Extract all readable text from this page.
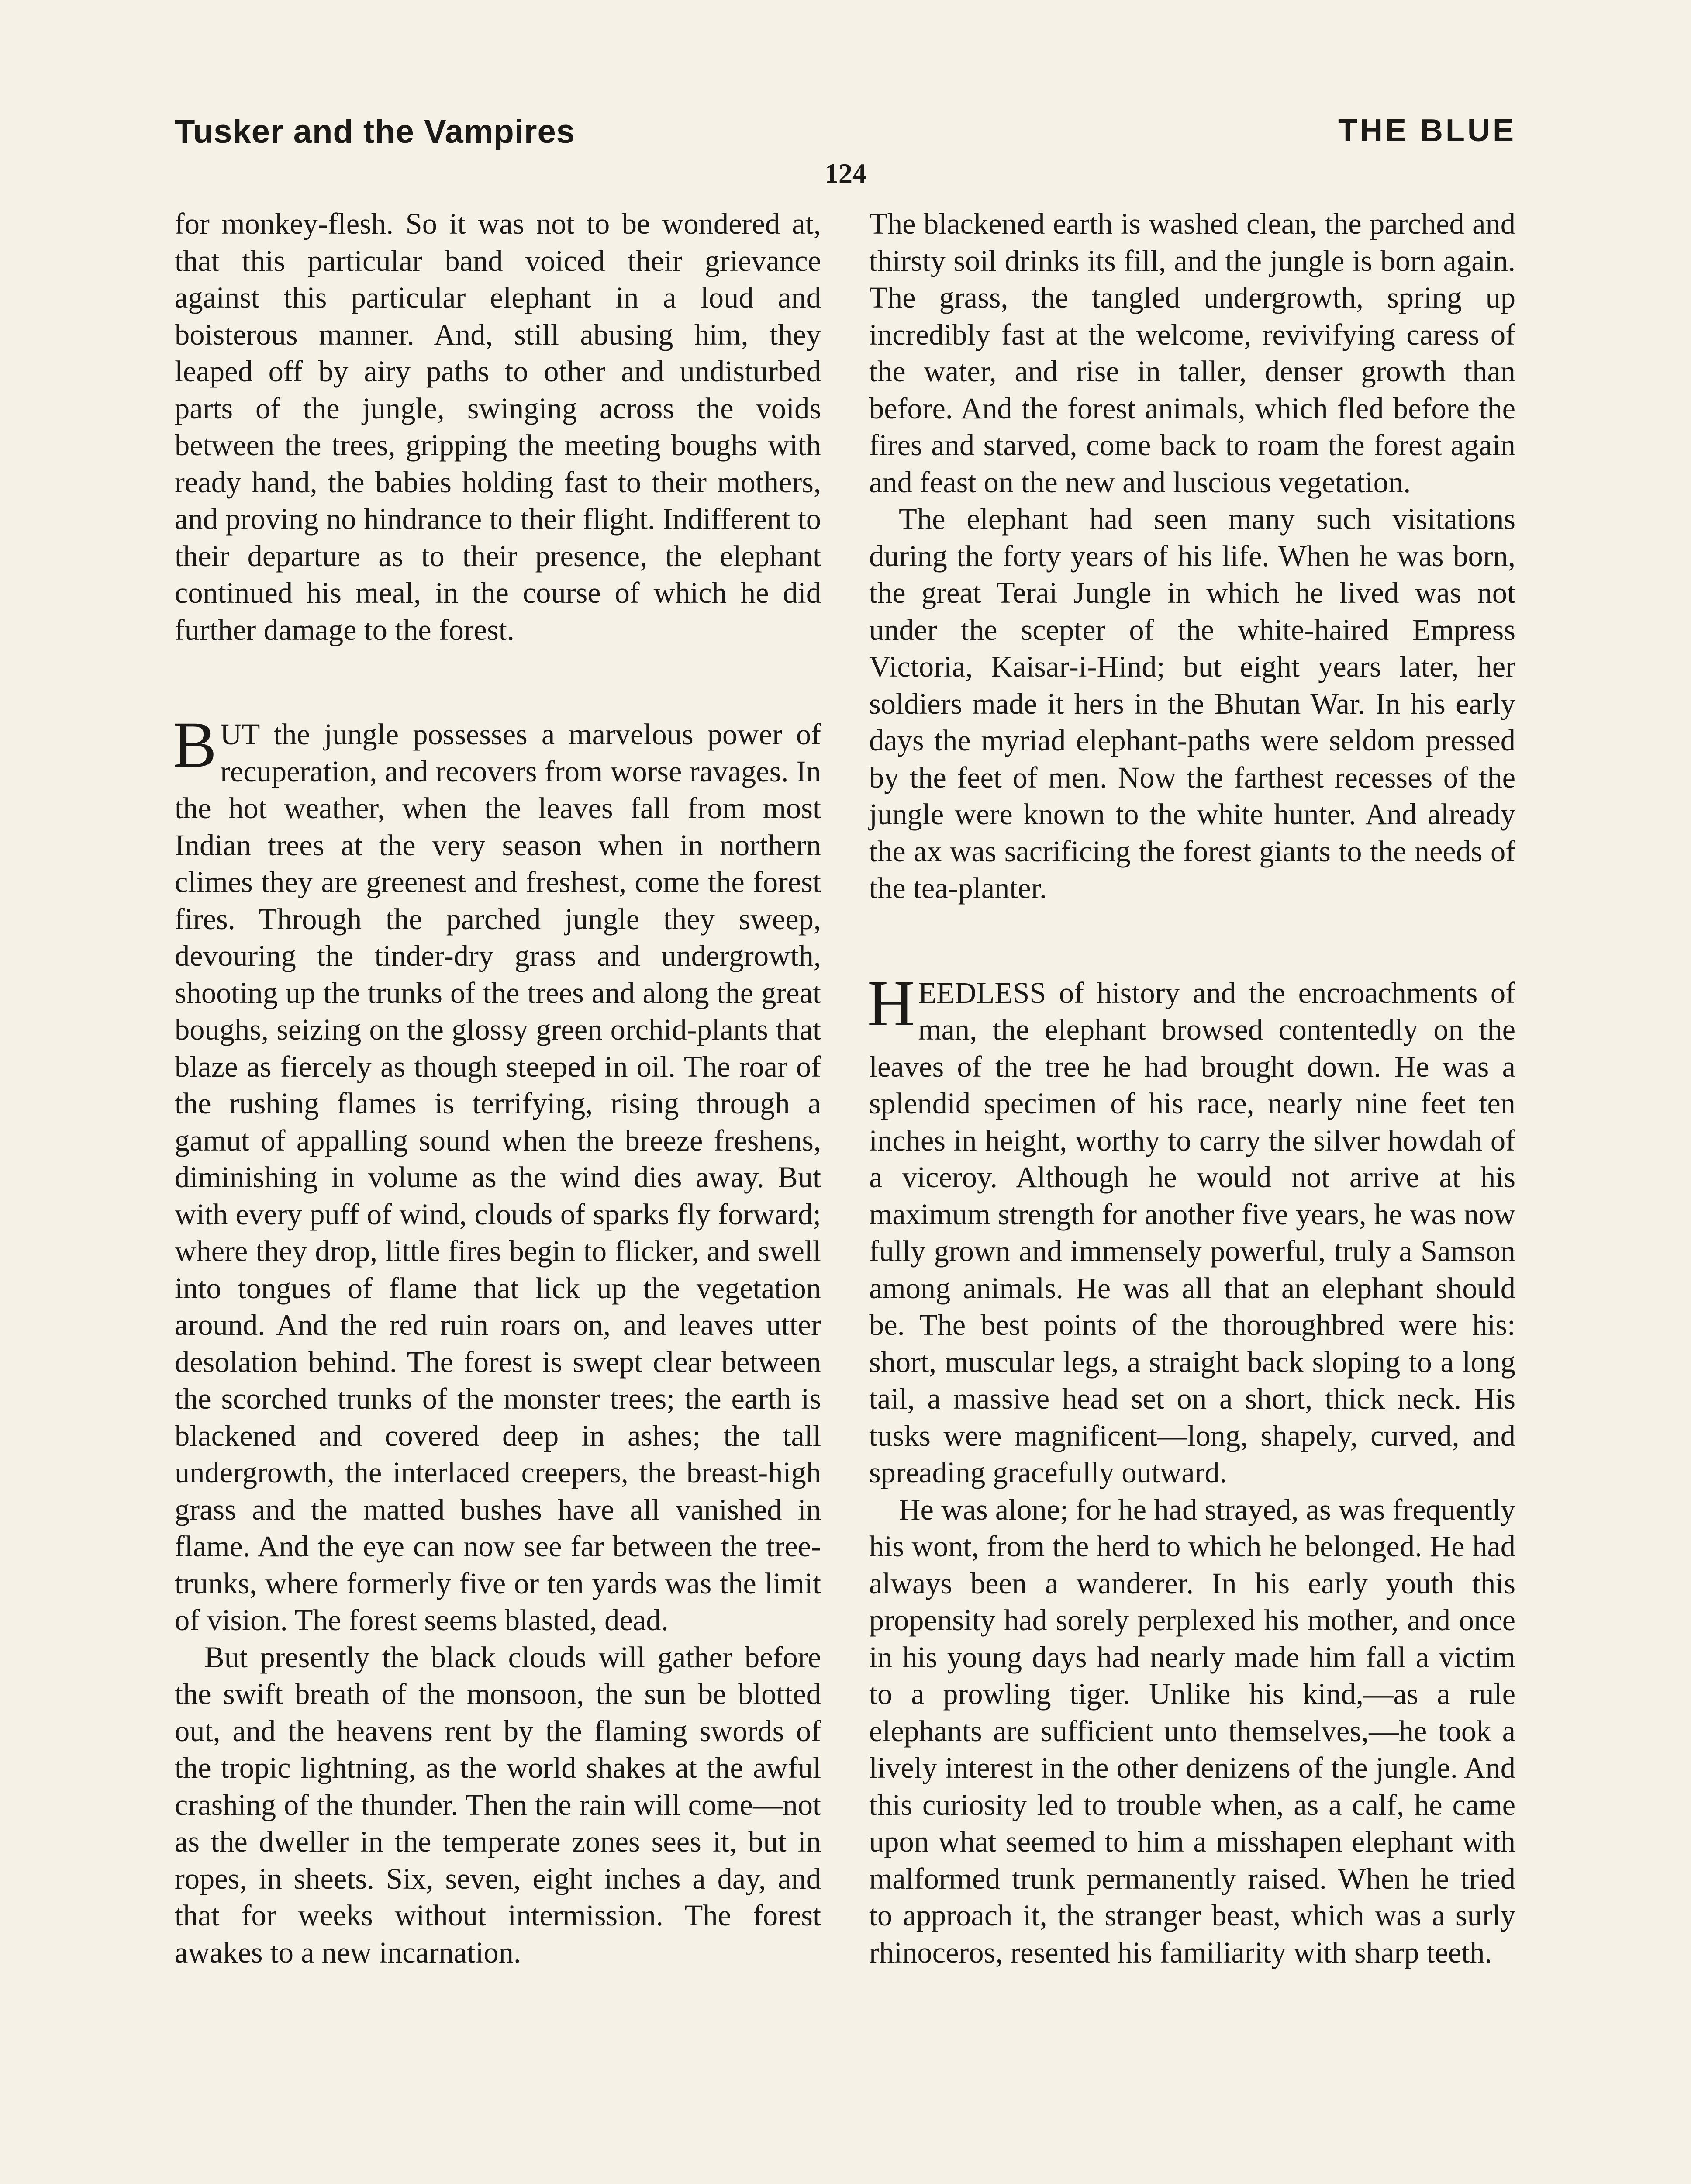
Tusker and the Vampires	THE BLUE
124

for monkey-flesh. So it was not to be wondered at, that this particular band voiced their grievance against this particular elephant in a loud and boisterous manner. And, still abusing him, they leaped off by airy paths to other and undisturbed parts of the jungle, swinging across the voids between the trees, gripping the meeting boughs with ready hand, the babies holding fast to their mothers, and proving no hindrance to their flight. Indifferent to their departure as to their presence, the elephant continued his meal, in the course of which he did further damage to the forest.

BUT the jungle possesses a marvelous power of recuperation, and recovers from worse ravages. In the hot weather, when the leaves fall from most Indian trees at the very season when in northern climes they are greenest and freshest, come the forest fires. Through the parched jungle they sweep, devouring the tinder-dry grass and undergrowth, shooting up the trunks of the trees and along the great boughs, seizing on the glossy green orchid-plants that blaze as fiercely as though steeped in oil. The roar of the rushing flames is terrifying, rising through a gamut of appalling sound when the breeze freshens, diminishing in volume as the wind dies away. But with every puff of wind, clouds of sparks fly forward; where they drop, little fires begin to flicker, and swell into tongues of flame that lick up the vegetation around. And the red ruin roars on, and leaves utter desolation behind. The forest is swept clear between the scorched trunks of the monster trees; the earth is blackened and covered deep in ashes; the tall undergrowth, the interlaced creepers, the breast-high grass and the matted bushes have all vanished in flame. And the eye can now see far between the tree-trunks, where formerly five or ten yards was the limit of vision. The forest seems blasted, dead.

But presently the black clouds will gather before the swift breath of the monsoon, the sun be blotted out, and the heavens rent by the flaming swords of the tropic lightning, as the world shakes at the awful crashing of the thunder. Then the rain will come—not as the dweller in the temperate zones sees it, but in ropes, in sheets. Six, seven, eight inches a day, and that for weeks without intermission. The forest awakes to a new incarnation.

The blackened earth is washed clean, the parched and thirsty soil drinks its fill, and the jungle is born again. The grass, the tangled undergrowth, spring up incredibly fast at the welcome, revivifying caress of the water, and rise in taller, denser growth than before. And the forest animals, which fled before the fires and starved, come back to roam the forest again and feast on the new and luscious vegetation.

The elephant had seen many such visitations during the forty years of his life. When he was born, the great Terai Jungle in which he lived was not under the scepter of the white-haired Empress Victoria, Kaisar-i-Hind; but eight years later, her soldiers made it hers in the Bhutan War. In his early days the myriad elephant-paths were seldom pressed by the feet of men. Now the farthest recesses of the jungle were known to the white hunter. And already the ax was sacrificing the forest giants to the needs of the tea-planter.

HEEDLESS of history and the encroachments of man, the elephant browsed contentedly on the leaves of the tree he had brought down. He was a splendid specimen of his race, nearly nine feet ten inches in height, worthy to carry the silver howdah of a viceroy. Although he would not arrive at his maximum strength for another five years, he was now fully grown and immensely powerful, truly a Samson among animals. He was all that an elephant should be. The best points of the thoroughbred were his: short, muscular legs, a straight back sloping to a long tail, a massive head set on a short, thick neck. His tusks were magnificent—long, shapely, curved, and spreading gracefully outward.

He was alone; for he had strayed, as was frequently his wont, from the herd to which he belonged. He had always been a wanderer. In his early youth this propensity had sorely perplexed his mother, and once in his young days had nearly made him fall a victim to a prowling tiger. Unlike his kind,—as a rule elephants are sufficient unto themselves,—he took a lively interest in the other denizens of the jungle. And this curiosity led to trouble when, as a calf, he came upon what seemed to him a misshapen elephant with malformed trunk permanently raised. When he tried to approach it, the stranger beast, which was a surly rhinoceros, resented his familiarity with sharp teeth.
